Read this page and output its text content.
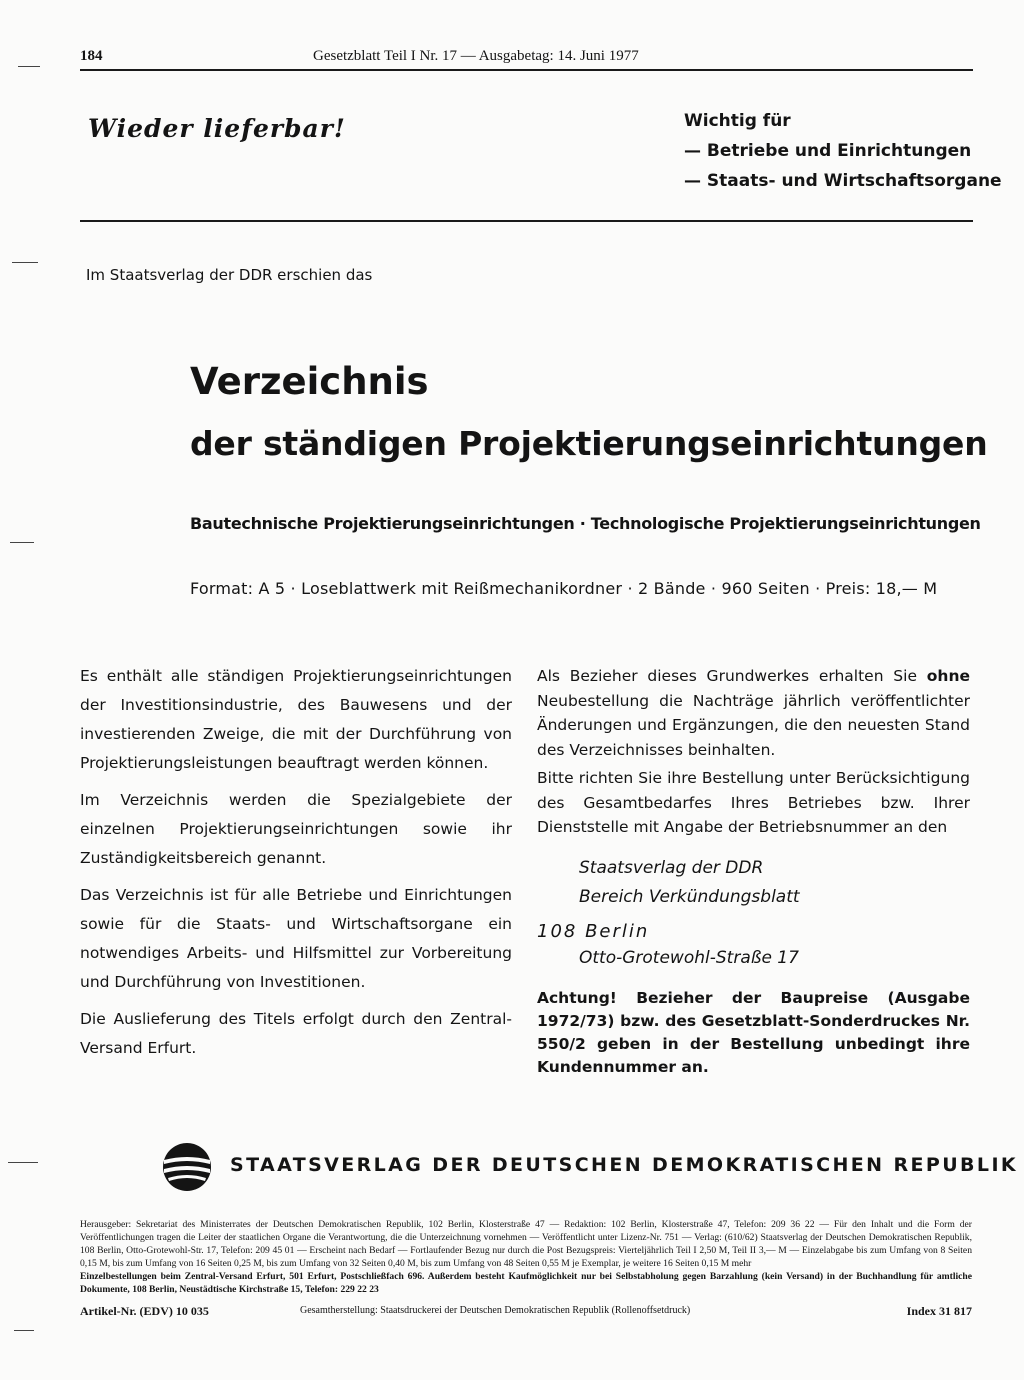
184	Gesetzblatt Teil I Nr. 17 — Ausgabetag: 14. Juni 1977
Wieder lieferbar!	Wichtig für
— Betriebe und Einrichtungen
— Staats- und Wirtschaftsorgane
Im Staatsverlag der DDR erschien das
Verzeichnis
der ständigen Projektierungseinrichtungen
Bautechnische Projektierungseinrichtungen · Technologische Projektierungseinrichtungen
Format: A 5 · Loseblattwerk mit Reißmechanikordner · 2 Bände · 960 Seiten · Preis: 18,— M

Es enthält alle ständigen Projektierungseinrichtungen der Investitionsindustrie, des Bauwesens und der investierenden Zweige, die mit der Durchführung von Projektierungsleistungen beauftragt werden können.

Im Verzeichnis werden die Spezialgebiete der einzelnen Projektierungseinrichtungen sowie ihr Zuständigkeitsbereich genannt.

Das Verzeichnis ist für alle Betriebe und Einrichtungen sowie für die Staats- und Wirtschaftsorgane ein notwendiges Arbeits- und Hilfsmittel zur Vorbereitung und Durchführung von Investitionen.

Die Auslieferung des Titels erfolgt durch den Zentral-Versand Erfurt.

Als Bezieher dieses Grundwerkes erhalten Sie ohne Neubestellung die Nachträge jährlich veröffentlichter Änderungen und Ergänzungen, die den neuesten Stand des Verzeichnisses beinhalten.

Bitte richten Sie ihre Bestellung unter Berücksichtigung des Gesamtbedarfes Ihres Betriebes bzw. Ihrer Dienststelle mit Angabe der Betriebsnummer an den

Staatsverlag der DDR
Bereich Verkündungsblatt
108 Berlin
Otto-Grotewohl-Straße 17
Achtung! Bezieher der Baupreise (Ausgabe 1972/73) bzw. des Gesetzblatt-Sonderdruckes Nr. 550/2 geben in der Bestellung unbedingt ihre Kundennummer an.
STAATSVERLAG DER DEUTSCHEN DEMOKRATISCHEN REPUBLIK

Herausgeber: Sekretariat des Ministerrates der Deutschen Demokratischen Republik, 102 Berlin, Klosterstraße 47 — Redaktion: 102 Berlin, Klosterstraße 47, Telefon: 209 36 22 — Für den Inhalt und die Form der Veröffentlichungen tragen die Leiter der staatlichen Organe die Verantwortung, die die Unterzeichnung vornehmen — Veröffentlicht unter Lizenz-Nr. 751 — Verlag: (610/62) Staatsverlag der Deutschen Demokratischen Republik, 108 Berlin, Otto-Grotewohl-Str. 17, Telefon: 209 45 01 — Erscheint nach Bedarf — Fortlaufender Bezug nur durch die Post Bezugspreis: Vierteljährlich Teil I 2,50 M, Teil II 3,— M — Einzelabgabe bis zum Umfang von 8 Seiten 0,15 M, bis zum Umfang von 16 Seiten 0,25 M, bis zum Umfang von 32 Seiten 0,40 M, bis zum Umfang von 48 Seiten 0,55 M je Exemplar, je weitere 16 Seiten 0,15 M mehr

Einzelbestellungen beim Zentral-Versand Erfurt, 501 Erfurt, Postschließfach 696. Außerdem besteht Kaufmöglichkeit nur bei Selbstabholung gegen Barzahlung (kein Versand) in der Buchhandlung für amtliche Dokumente, 108 Berlin, Neustädtische Kirchstraße 15, Telefon: 229 22 23

Artikel-Nr. (EDV) 10 035	Gesamtherstellung: Staatsdruckerei der Deutschen Demokratischen Republik (Rollenoffsetdruck)	Index 31 817
